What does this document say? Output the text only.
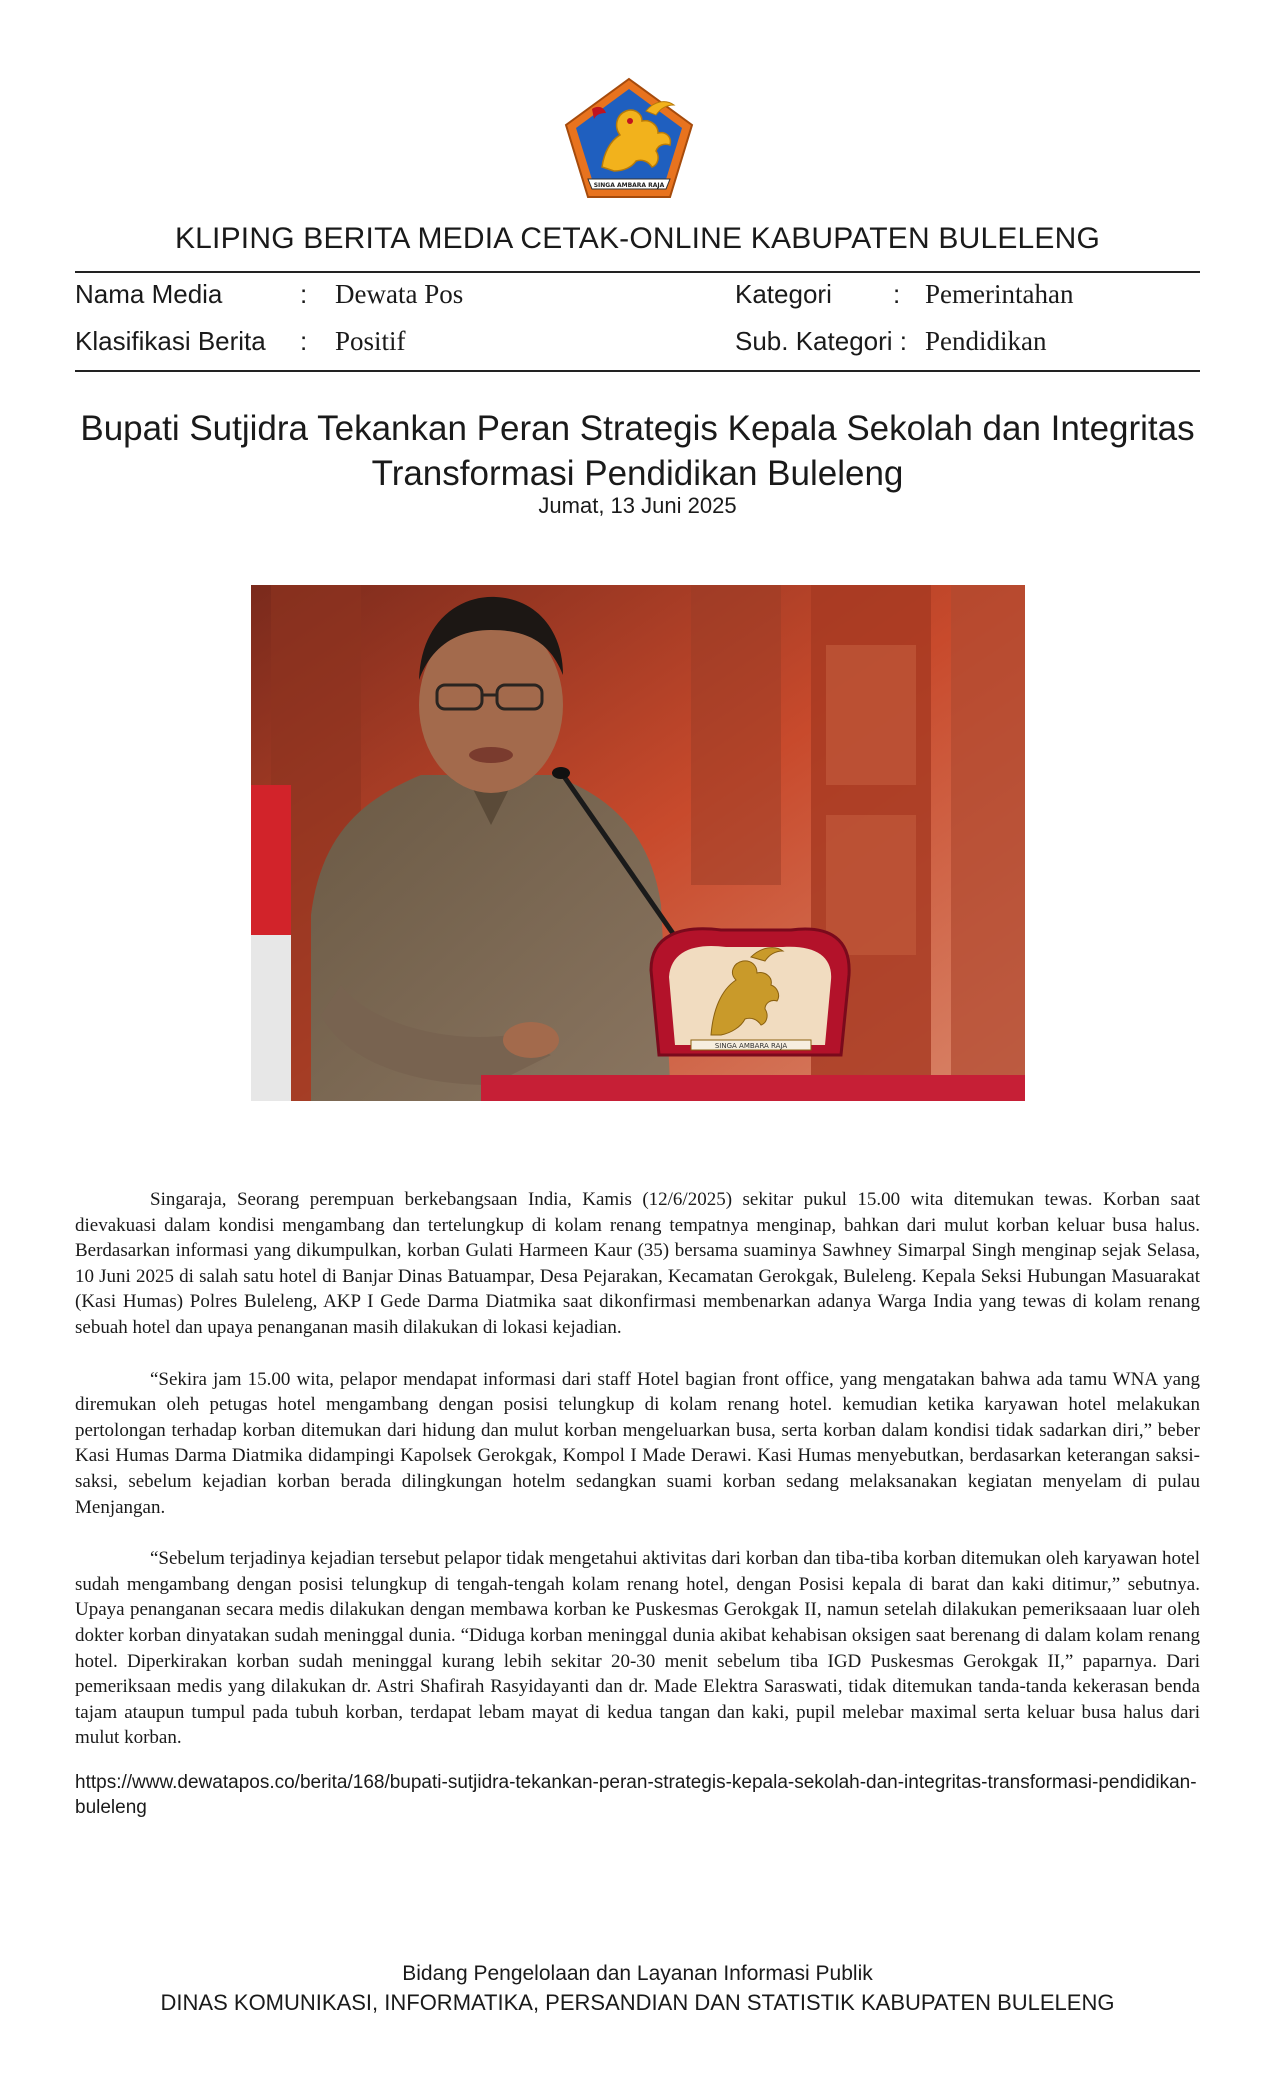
SINGA AMBARA RAJA
KLIPING BERITA MEDIA CETAK-ONLINE KABUPATEN BULELENG
Nama Media	: Dewata Pos	Kategori : Pemerintahan
Klasifikasi Berita : Positif	Sub. Kategori : Pendidikan
Bupati Sutjidra Tekankan Peran Strategis Kepala Sekolah dan Integritas Transformasi Pendidikan Buleleng
Jumat, 13 Juni 2025
SINGA AMBARA RAJA

Singaraja, Seorang perempuan berkebangsaan India, Kamis (12/6/2025) sekitar pukul 15.00 wita ditemukan tewas. Korban saat dievakuasi dalam kondisi mengambang dan tertelungkup di kolam renang tempatnya menginap, bahkan dari mulut korban keluar busa halus. Berdasarkan informasi yang dikumpulkan, korban Gulati Harmeen Kaur (35) bersama suaminya Sawhney Simarpal Singh menginap sejak Selasa, 10 Juni 2025 di salah satu hotel di Banjar Dinas Batuampar, Desa Pejarakan, Kecamatan Gerokgak, Buleleng. Kepala Seksi Hubungan Masuarakat (Kasi Humas) Polres Buleleng, AKP I Gede Darma Diatmika saat dikonfirmasi membenarkan adanya Warga India yang tewas di kolam renang sebuah hotel dan upaya penanganan masih dilakukan di lokasi kejadian.

“Sekira jam 15.00 wita, pelapor mendapat informasi dari staff Hotel bagian front office, yang mengatakan bahwa ada tamu WNA yang diremukan oleh petugas hotel mengambang dengan posisi telungkup di kolam renang hotel. kemudian ketika karyawan hotel melakukan pertolongan terhadap korban ditemukan dari hidung dan mulut korban mengeluarkan busa, serta korban dalam kondisi tidak sadarkan diri,” beber Kasi Humas Darma Diatmika didampingi Kapolsek Gerokgak, Kompol I Made Derawi. Kasi Humas menyebutkan, berdasarkan keterangan saksi-saksi, sebelum kejadian korban berada dilingkungan hotelm sedangkan suami korban sedang melaksanakan kegiatan menyelam di pulau Menjangan.

“Sebelum terjadinya kejadian tersebut pelapor tidak mengetahui aktivitas dari korban dan tiba-tiba korban ditemukan oleh karyawan hotel sudah mengambang dengan posisi telungkup di tengah-tengah kolam renang hotel, dengan Posisi kepala di barat dan kaki ditimur,” sebutnya. Upaya penanganan secara medis dilakukan dengan membawa korban ke Puskesmas Gerokgak II, namun setelah dilakukan pemeriksaaan luar oleh dokter korban dinyatakan sudah meninggal dunia. “Diduga korban meninggal dunia akibat kehabisan oksigen saat berenang di dalam kolam renang hotel. Diperkirakan korban sudah meninggal kurang lebih sekitar 20-30 menit sebelum tiba IGD Puskesmas Gerokgak II,” paparnya. Dari pemeriksaan medis yang dilakukan dr. Astri Shafirah Rasyidayanti dan dr. Made Elektra Saraswati, tidak ditemukan tanda-tanda kekerasan benda tajam ataupun tumpul pada tubuh korban, terdapat lebam mayat di kedua tangan dan kaki, pupil melebar maximal serta keluar busa halus dari mulut korban.

https://www.dewatapos.co/berita/168/bupati-sutjidra-tekankan-peran-strategis-kepala-sekolah-dan-integritas-transformasi-pendidikan-buleleng
Bidang Pengelolaan dan Layanan Informasi Publik
DINAS KOMUNIKASI, INFORMATIKA, PERSANDIAN DAN STATISTIK KABUPATEN BULELENG
